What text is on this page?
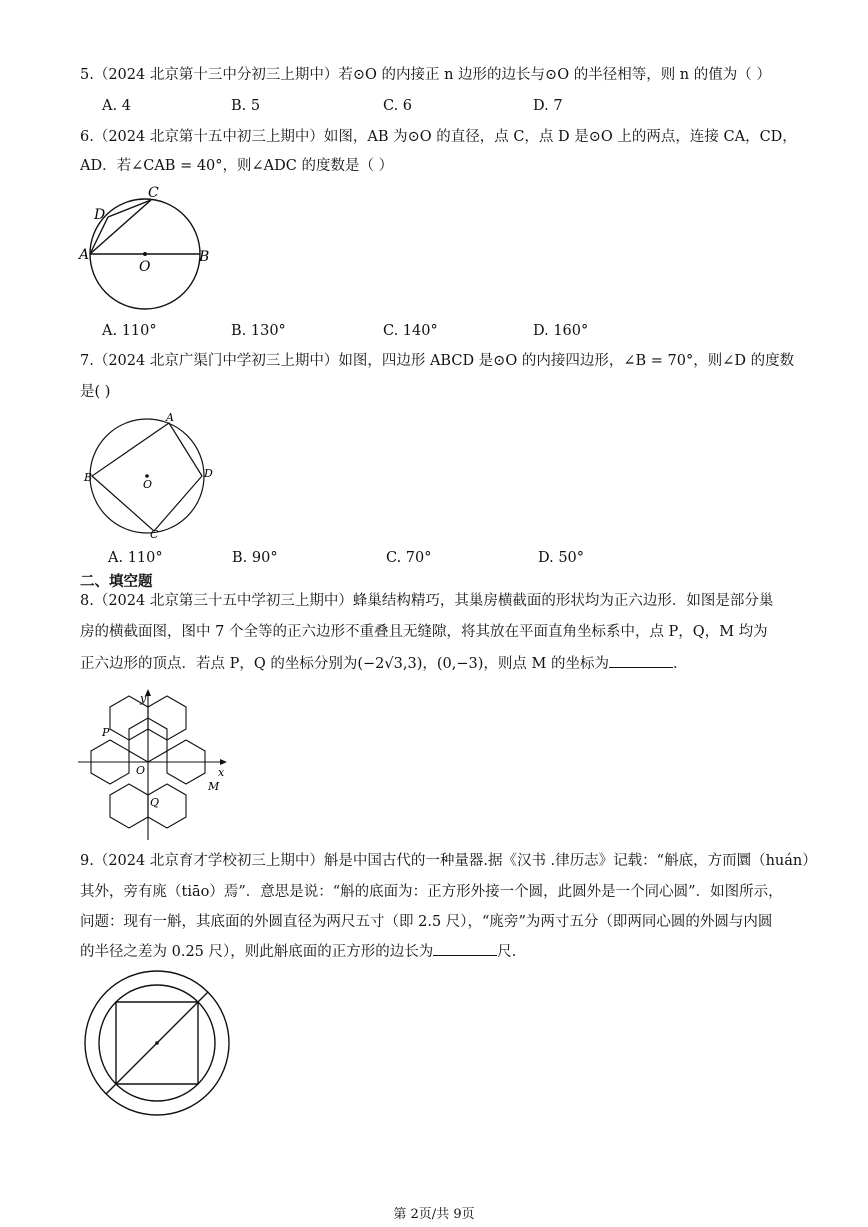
5.（2024 北京第十三中分初三上期中）若⊙O 的内接正 n 边形的边长与⊙O 的半径相等，则 n 的值为（ ）
A. 4	B. 5	C. 6	D. 7
6.（2024 北京第十五中初三上期中）如图，AB 为⊙O 的直径，点 C，点 D 是⊙O 上的两点，连接 CA，CD，
AD．若∠CAB = 40°，则∠ADC 的度数是（ ）
C
D
A	B
O
A. 110°	B. 130°	C. 140°	D. 160°
7.（2024 北京广渠门中学初三上期中）如图，四边形 ABCD 是⊙O 的内接四边形，∠B = 70°，则∠D 的度数
是( )
A
D
C
B
O
A. 110°	B. 90°	C. 70°	D. 50°
二、填空题
8.（2024 北京第三十五中学初三上期中）蜂巢结构精巧，其巢房横截面的形状均为正六边形．如图是部分巢
房的横截面图，图中 7 个全等的正六边形不重叠且无缝隙，将其放在平面直角坐标系中，点 P，Q，M 均为
正六边形的顶点．若点 P，Q 的坐标分别为(−2√3,3)，(0,−3)，则点 M 的坐标为	．
y
x
O
P
Q
M
9.（2024 北京育才学校初三上期中）斛是中国古代的一种量器.据《汉书 .律历志》记载：“斛底，方而圜（huán）
其外，旁有庣（tiāo）焉”．意思是说：“斛的底面为：正方形外接一个圆，此圆外是一个同心圆”．如图所示，
问题：现有一斛，其底面的外圆直径为两尺五寸（即 2.5 尺），“庣旁”为两寸五分（即两同心圆的外圆与内圆
的半径之差为 0.25 尺），则此斛底面的正方形的边长为	尺.
第 2页/共 9页
